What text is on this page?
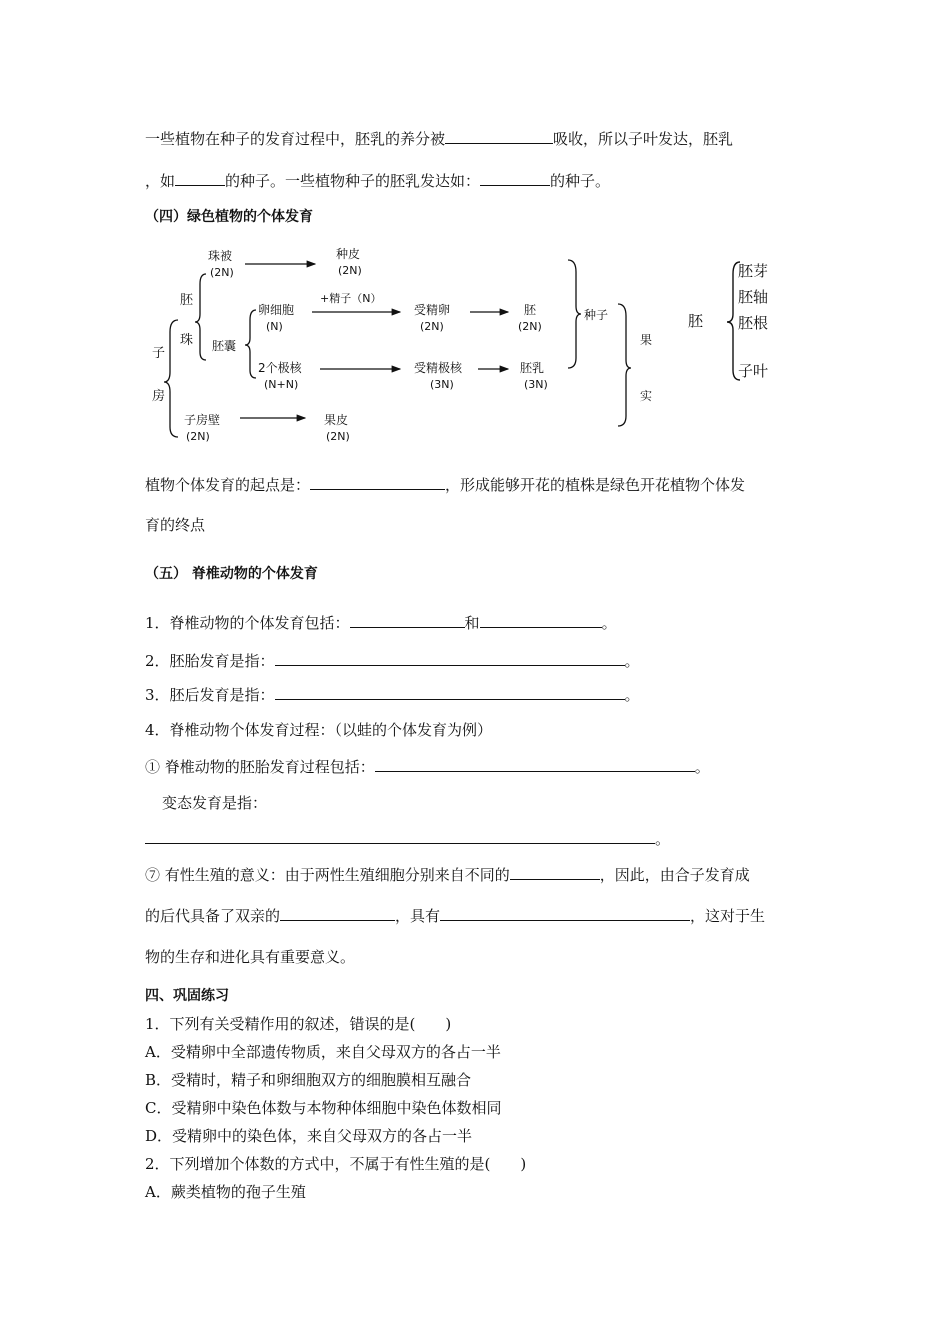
一些植物在种子的发育过程中，胚乳的养分被	吸收，所以子叶发达，胚乳
，如	的种子。一些植物种子的胚乳发达如：	的种子。
（四）绿色植物的个体发育
子
房
胚
珠
珠被
(2N)
种皮
(2N)
胚囊
卵细胞
(N)
+精子（N）
受精卵
(2N)
胚
(2N)
2个极核
(N+N)
受精极核
(3N)
胚乳
(3N)
子房壁
(2N)
果皮
(2N)
种子
果
实
胚
胚芽
胚轴
胚根
子叶
植物个体发育的起点是：	，形成能够开花的植株是绿色开花植物个体发
育的终点
（五） 脊椎动物的个体发育
1．脊椎动物的个体发育包括：	和	。
2．胚胎发育是指：	。
3．胚后发育是指：	。
4．脊椎动物个体发育过程：（以蛙的个体发育为例）
① 脊椎动物的胚胎发育过程包括：	。
变态发育是指：
。
⑦ 有性生殖的意义：由于两性生殖细胞分别来自不同的	，因此，由合子发育成
的后代具备了双亲的	，具有	，这对于生
物的生存和进化具有重要意义。
四、巩固练习
1．下列有关受精作用的叙述，错误的是(　　)
A．受精卵中全部遗传物质，来自父母双方的各占一半
B．受精时，精子和卵细胞双方的细胞膜相互融合
C．受精卵中染色体数与本物种体细胞中染色体数相同
D．受精卵中的染色体，来自父母双方的各占一半
2．下列增加个体数的方式中，不属于有性生殖的是(　　)
A．蕨类植物的孢子生殖
